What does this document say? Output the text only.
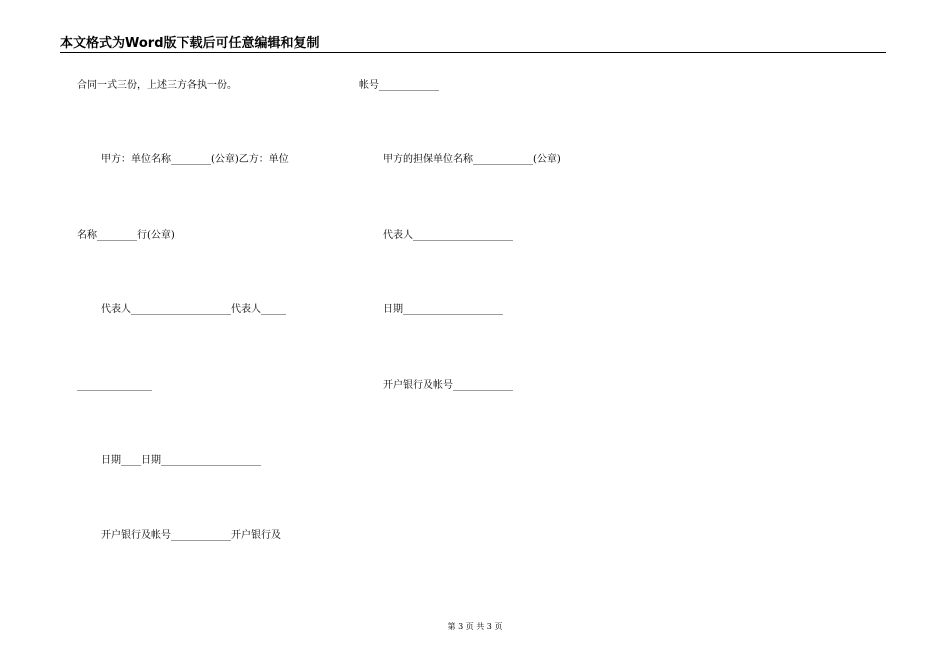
本文格式为Word版下载后可任意编辑和复制
合同一式三份，上述三方各执一份。
甲方：单位名称________(公章)乙方：单位
名称________行(公章)
代表人____________________代表人_____
_______________
日期____日期____________________
开户银行及帐号____________开户银行及
帐号____________
甲方的担保单位名称____________(公章)
代表人____________________
日期____________________
开户银行及帐号____________
第 3 页 共 3 页
